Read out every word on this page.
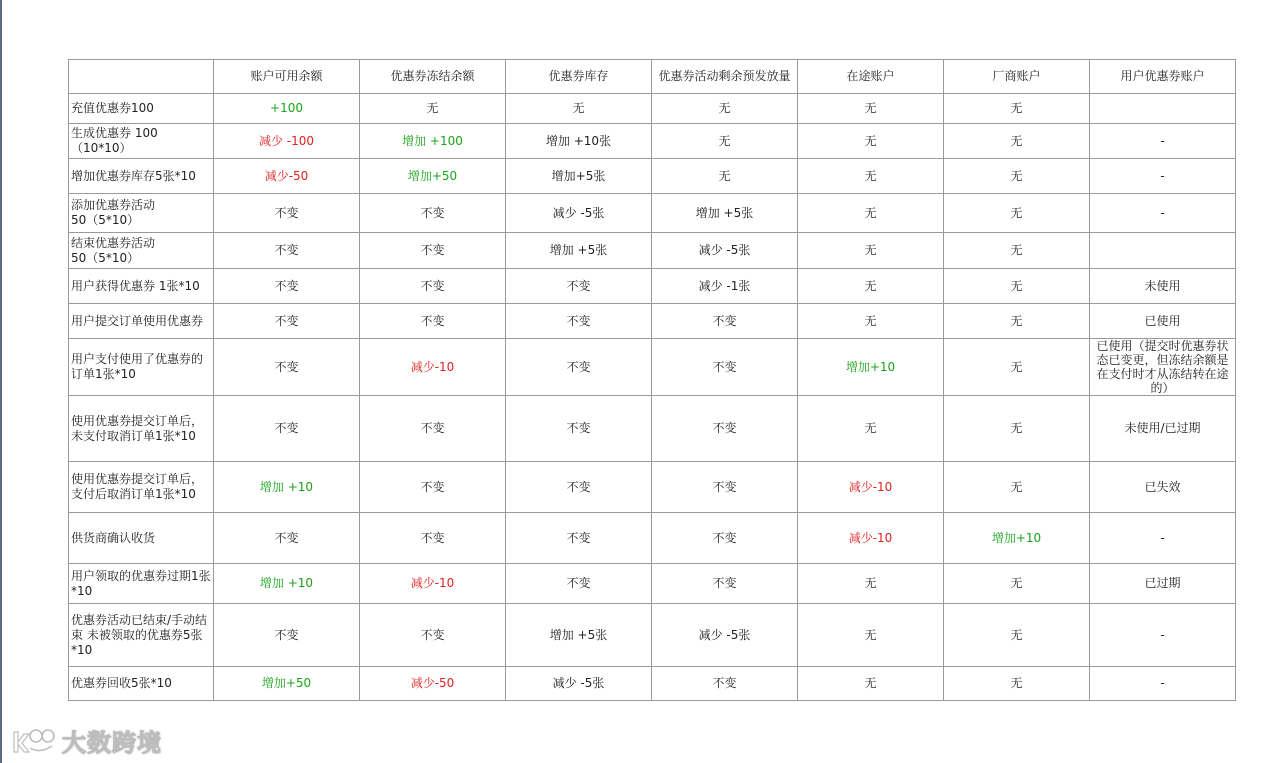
	账户可用余额	优惠券冻结余额	优惠券库存	优惠券活动剩余预发放量	在途账户	厂商账户	用户优惠券账户
充值优惠券100	+100	无	无	无	无	无	
生成优惠券 100（10*10）	减少 -100	增加 +100	增加 +10张	无	无	无	-
增加优惠券库存5张*10	减少-50	增加+50	增加+5张	无	无	无	-
添加优惠券活动
50（5*10）	不变	不变	减少 -5张	增加 +5张	无	无	-
结束优惠券活动
50（5*10）	不变	不变	增加 +5张	减少 -5张	无	无	
用户获得优惠券 1张*10	不变	不变	不变	减少 -1张	无	无	未使用
用户提交订单使用优惠券	不变	不变	不变	不变	无	无	已使用
用户支付使用了优惠券的
订单1张*10	不变	减少-10	不变	不变	增加+10	无	已使用（提交时优惠券状态已变更，但冻结余额是在支付时才从冻结转在途的）
使用优惠券提交订单后，
未支付取消订单1张*10	不变	不变	不变	不变	无	无	未使用/已过期
使用优惠券提交订单后，
支付后取消订单1张*10	增加 +10	不变	不变	不变	减少-10	无	已失效
供货商确认收货	不变	不变	不变	不变	减少-10	增加+10	-
用户领取的优惠券过期1张
*10	增加 +10	减少-10	不变	不变	无	无	已过期
优惠券活动已结束/手动结
束 未被领取的优惠券5张
*10	不变	不变	增加 +5张	减少 -5张	无	无	-
优惠券回收5张*10	增加+50	减少-50	减少 -5张	不变	无	无	-
大数跨境
